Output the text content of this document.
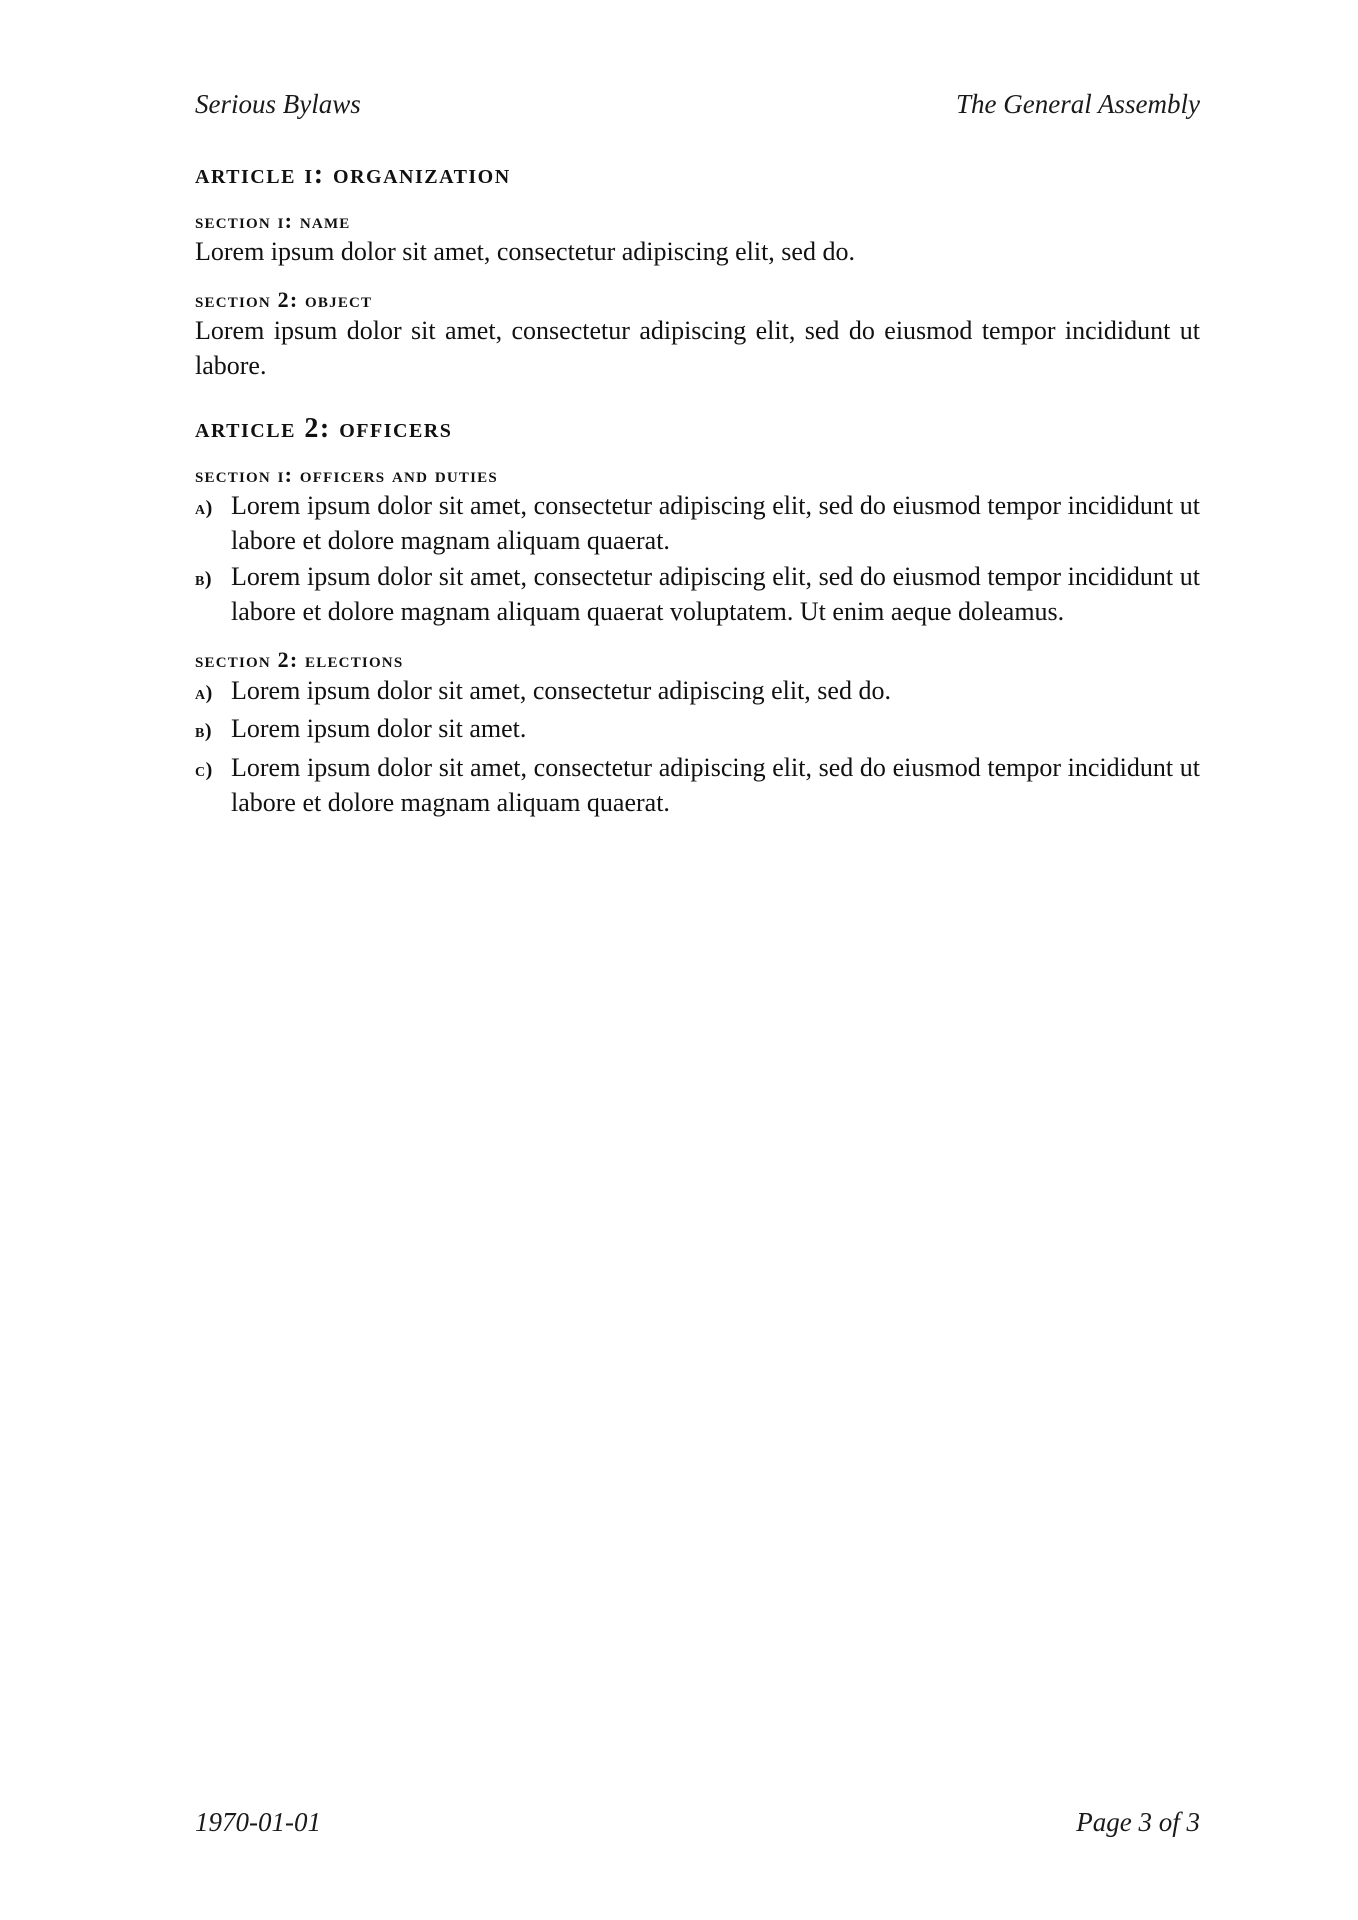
Serious Bylaws	The General Assembly
article i: organization
section i: name

Lorem ipsum dolor sit amet, consectetur adipiscing elit, sed do.

section 2: object

Lorem ipsum dolor sit amet, consectetur adipiscing elit, sed do eiusmod tempor incididunt ut labore.

article 2: officers
section i: officers and duties
a) Lorem ipsum dolor sit amet, consectetur adipiscing elit, sed do eiusmod tempor incididunt ut labore et dolore magnam aliquam quaerat.
b) Lorem ipsum dolor sit amet, consectetur adipiscing elit, sed do eiusmod tempor incididunt ut labore et dolore magnam aliquam quaerat voluptatem. Ut enim aeque doleamus.
section 2: elections
a) Lorem ipsum dolor sit amet, consectetur adipiscing elit, sed do.
b) Lorem ipsum dolor sit amet.
c) Lorem ipsum dolor sit amet, consectetur adipiscing elit, sed do eiusmod tempor incididunt ut labore et dolore magnam aliquam quaerat.
1970-01-01	Page 3 of 3
